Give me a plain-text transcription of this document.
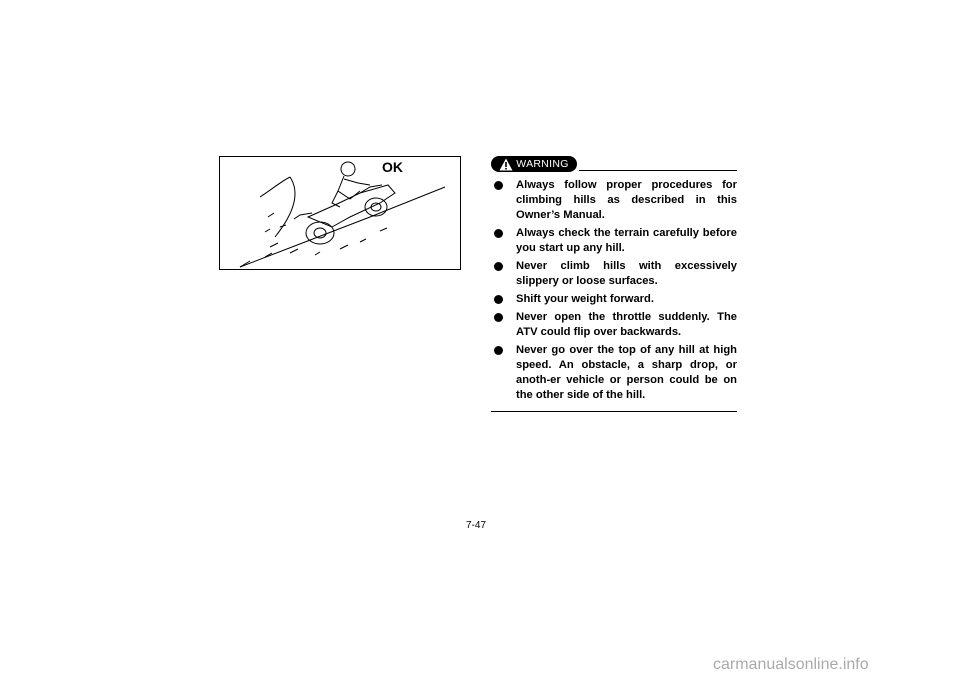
OK	WARNING
Always follow proper procedures for climbing hills as described in this Owner’s Manual.
Always check the terrain carefully before you start up any hill.
Never climb hills with excessively slippery or loose surfaces.
Shift your weight forward.
Never open the throttle suddenly. The ATV could flip over backwards.
Never go over the top of any hill at high speed. An obstacle, a sharp drop, or anoth-er vehicle or person could be on the other side of the hill.
7-47
carmanualsonline.info
